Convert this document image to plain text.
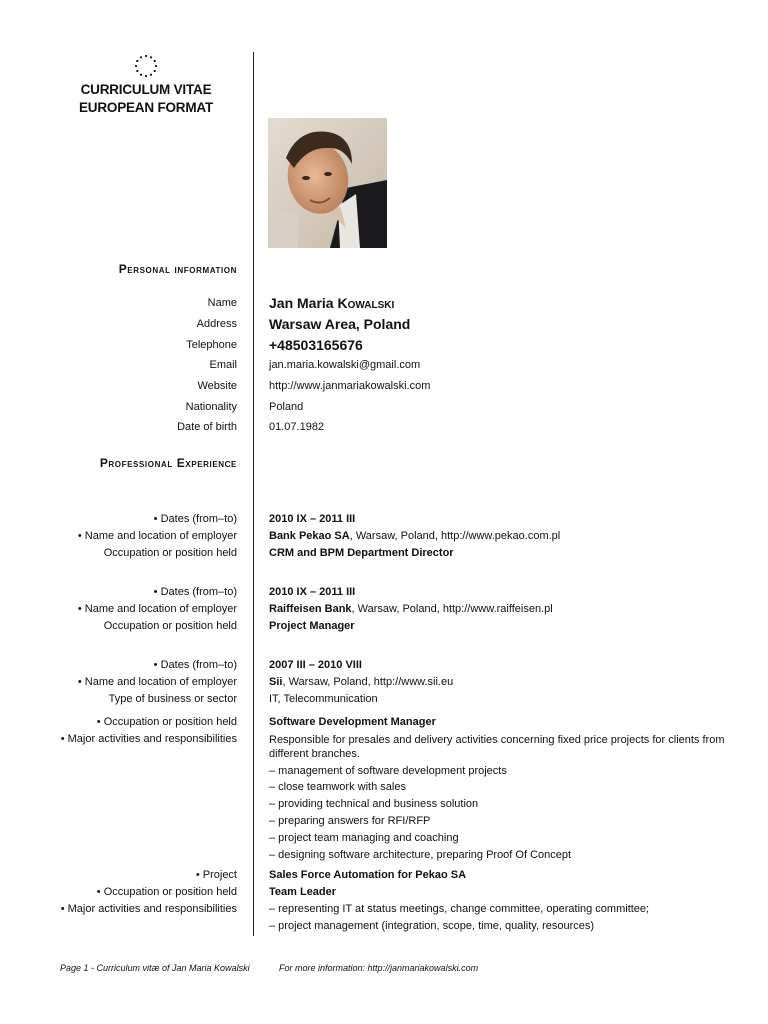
CURRICULUM VITAE
EUROPEAN FORMAT
Personal information
Name Jan Maria Kowalski
Address Warsaw Area, Poland
Telephone +48503165676
Email	jan.maria.kowalski@gmail.com
Website	http://www.janmariakowalski.com
Nationality	Poland
Date of birth	01.07.1982
Professional Experience
• Dates (from–to)	2010 IX – 2011 III
• Name and location of employer	Bank Pekao SA, Warsaw, Poland, http://www.pekao.com.pl
Occupation or position held	CRM and BPM Department Director
• Dates (from–to)	2010 IX – 2011 III
• Name and location of employer	Raiffeisen Bank, Warsaw, Poland, http://www.raiffeisen.pl
Occupation or position held	Project Manager
• Dates (from–to)	2007 III – 2010 VIII
• Name and location of employer	Sii, Warsaw, Poland, http://www.sii.eu
Type of business or sector	IT, Telecommunication
• Occupation or position held	Software Development Manager
• Major activities and responsibilities	Responsible for presales and delivery activities concerning fixed price projects for clients from different branches.
– management of software development projects
– close teamwork with sales
– providing technical and business solution
– preparing answers for RFI/RFP
– project team managing and coaching
– designing software architecture, preparing Proof Of Concept
• Project	Sales Force Automation for Pekao SA
• Occupation or position held	Team Leader
• Major activities and responsibilities	– representing IT at status meetings, change committee, operating committee;
– project management (integration, scope, time, quality, resources)
Page 1 - Curriculum vitæ of Jan Maria Kowalski	For more information: http://janmariakowalski.com
